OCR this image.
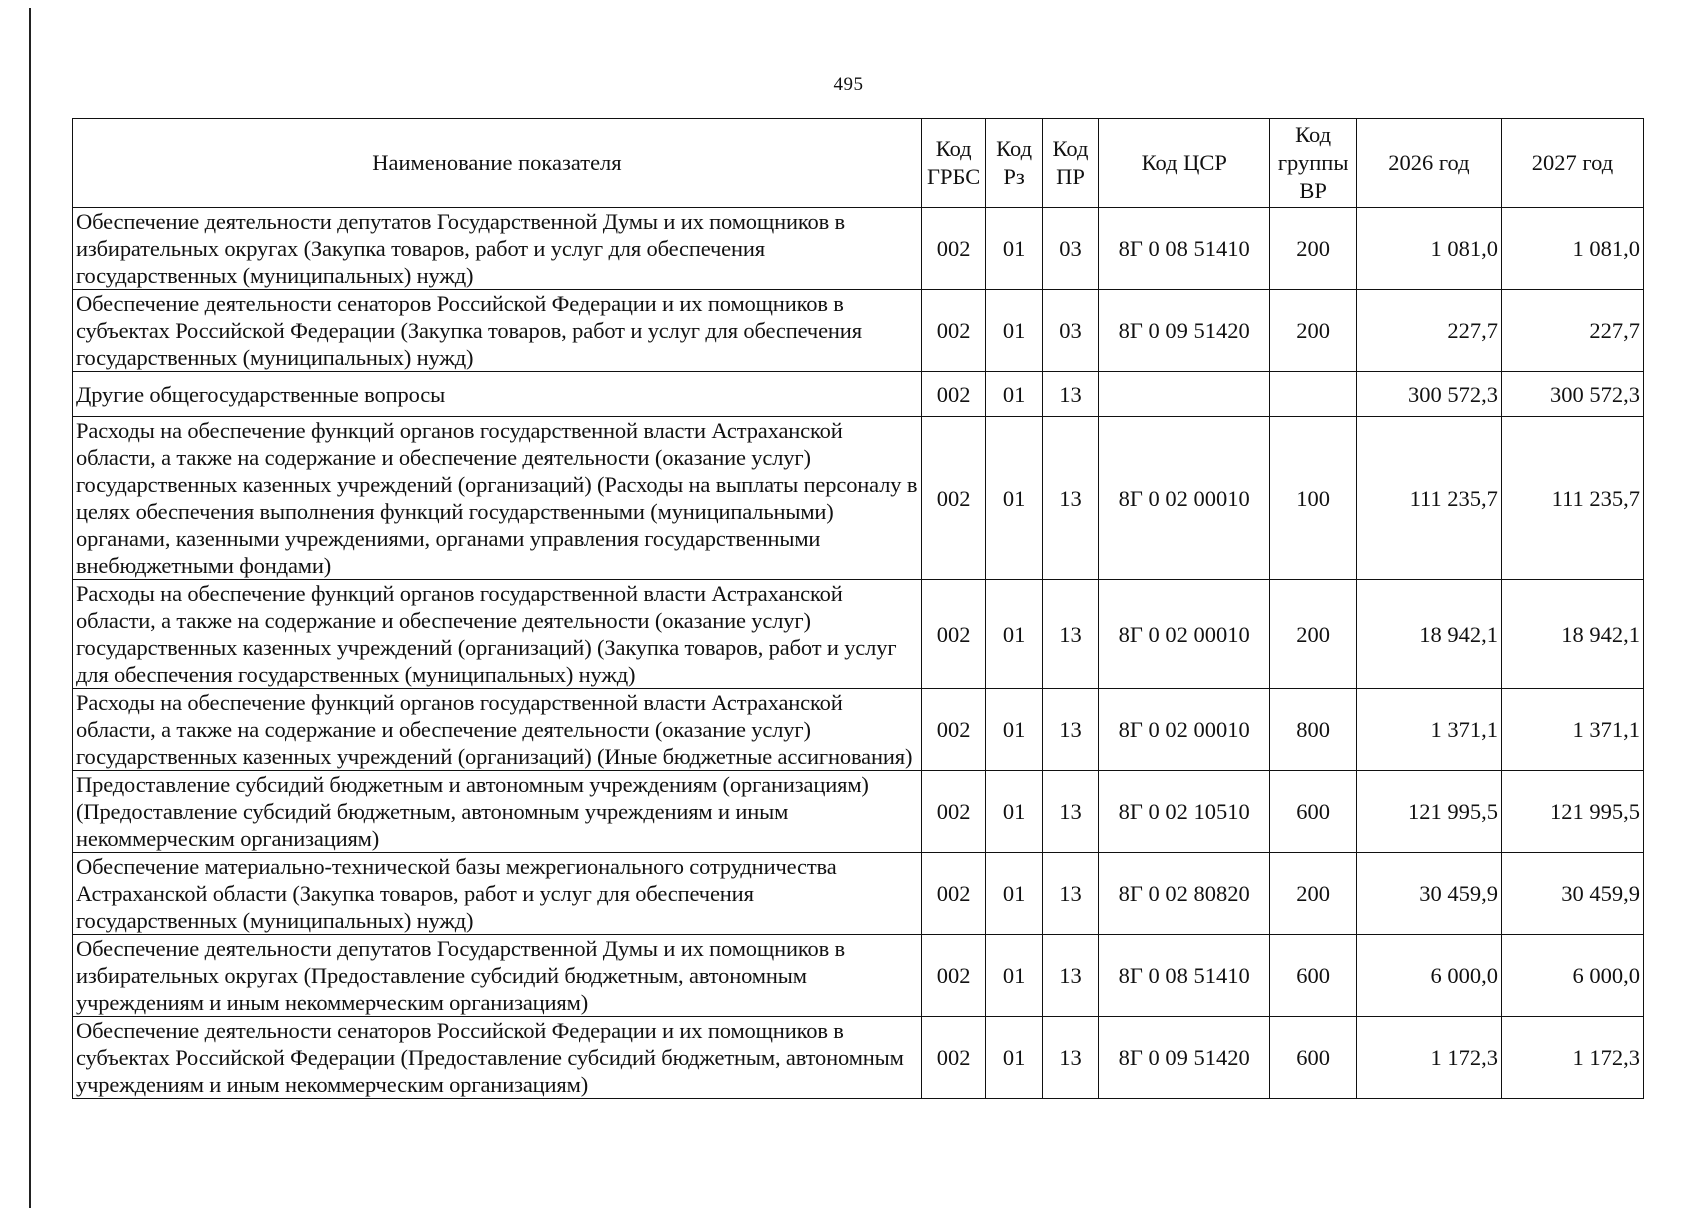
495
Наименование показателя	Код ГРБС	Код Рз	Код ПР	Код ЦСР	Код группы ВР	2026 год	2027 год
Обеспечение деятельности депутатов Государственной Думы и их помощников в избирательных округах (Закупка товаров, работ и услуг для обеспечения государственных (муниципальных) нужд)	002	01	03	8Г 0 08 51410	200	1 081,0	1 081,0
Обеспечение деятельности сенаторов Российской Федерации и их помощников в субъектах Российской Федерации (Закупка товаров, работ и услуг для обеспечения государственных (муниципальных) нужд)	002	01	03	8Г 0 09 51420	200	227,7	227,7
Другие общегосударственные вопросы	002	01	13			300 572,3	300 572,3
Расходы на обеспечение функций органов государственной власти Астраханской области, а также на содержание и обеспечение деятельности (оказание услуг) государственных казенных учреждений (организаций) (Расходы на выплаты персоналу в целях обеспечения выполнения функций государственными (муниципальными) органами, казенными учреждениями, органами управления государственными внебюджетными фондами)	002	01	13	8Г 0 02 00010	100	111 235,7	111 235,7
Расходы на обеспечение функций органов государственной власти Астраханской области, а также на содержание и обеспечение деятельности (оказание услуг) государственных казенных учреждений (организаций) (Закупка товаров, работ и услуг для обеспечения государственных (муниципальных) нужд)	002	01	13	8Г 0 02 00010	200	18 942,1	18 942,1
Расходы на обеспечение функций органов государственной власти Астраханской области, а также на содержание и обеспечение деятельности (оказание услуг) государственных казенных учреждений (организаций) (Иные бюджетные ассигнования)	002	01	13	8Г 0 02 00010	800	1 371,1	1 371,1
Предоставление субсидий бюджетным и автономным учреждениям (организациям) (Предоставление субсидий бюджетным, автономным учреждениям и иным некоммерческим организациям)	002	01	13	8Г 0 02 10510	600	121 995,5	121 995,5
Обеспечение материально-технической базы межрегионального сотрудничества Астраханской области (Закупка товаров, работ и услуг для обеспечения государственных (муниципальных) нужд)	002	01	13	8Г 0 02 80820	200	30 459,9	30 459,9
Обеспечение деятельности депутатов Государственной Думы и их помощников в избирательных округах (Предоставление субсидий бюджетным, автономным учреждениям и иным некоммерческим организациям)	002	01	13	8Г 0 08 51410	600	6 000,0	6 000,0
Обеспечение деятельности сенаторов Российской Федерации и их помощников в субъектах Российской Федерации (Предоставление субсидий бюджетным, автономным учреждениям и иным некоммерческим организациям)	002	01	13	8Г 0 09 51420	600	1 172,3	1 172,3
